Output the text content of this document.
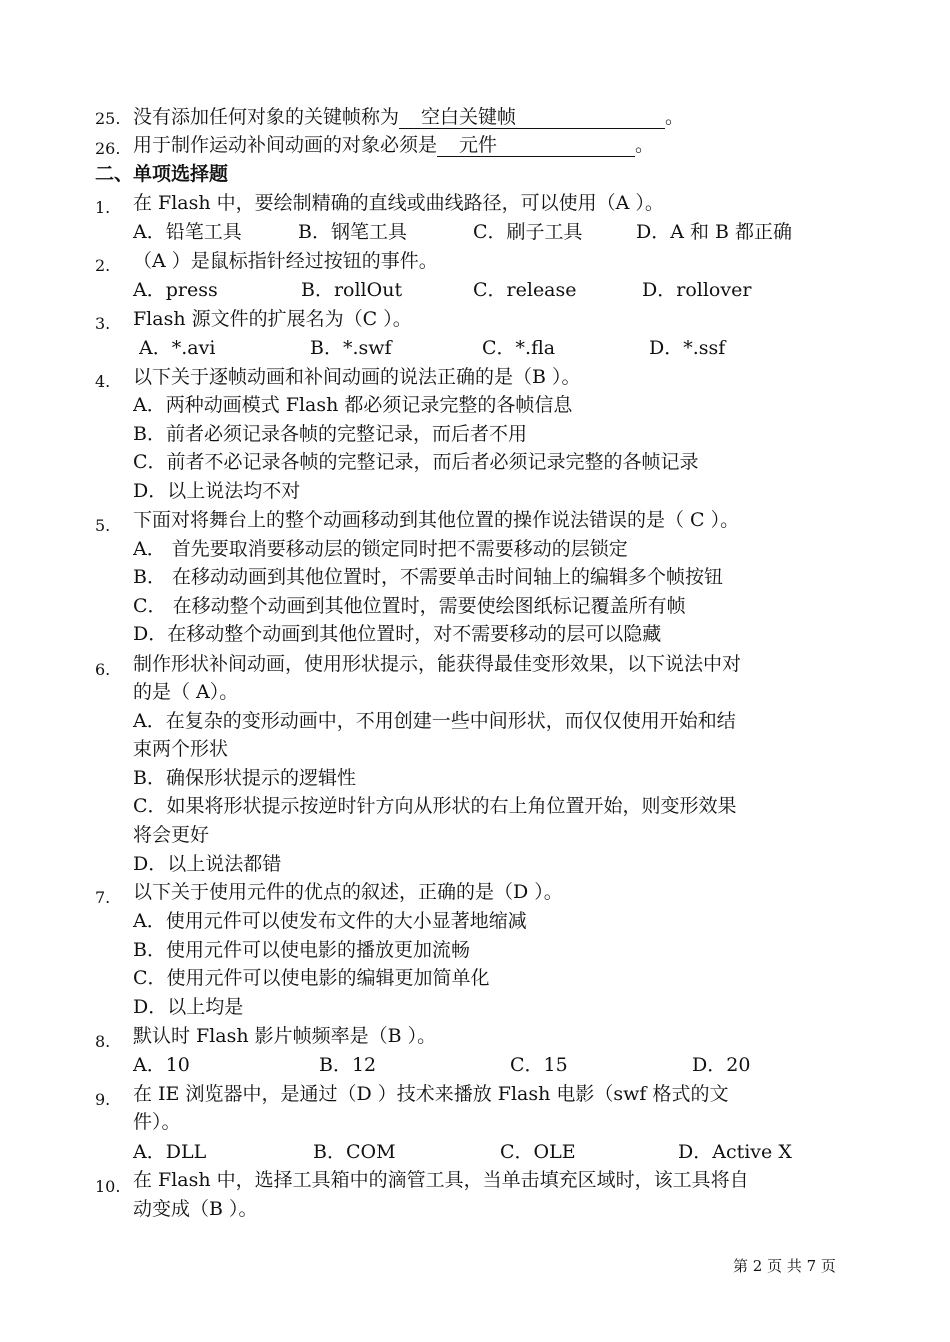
25. 没有添加任何对象的关键帧称为 空白关键帧	。
26. 用于制作运动补间动画的对象必须是 元件	。
二、单项选择题
1. 在 Flash 中，要绘制精确的直线或曲线路径，可以使用（A ）。
A．铅笔工具	B．钢笔工具	C．刷子工具	D．A 和 B 都正确
2. （A ）是鼠标指针经过按钮的事件。
A．press	B．rollOut	C．release	D．rollover
3. Flash 源文件的扩展名为（C ）。
A．*.avi	B．*.swf	C．*.fla	D．*.ssf
4. 以下关于逐帧动画和补间动画的说法正确的是（B ）。
A．两种动画模式 Flash 都必须记录完整的各帧信息
B．前者必须记录各帧的完整记录，而后者不用
C．前者不必记录各帧的完整记录，而后者必须记录完整的各帧记录
D．以上说法均不对
5. 下面对将舞台上的整个动画移动到其他位置的操作说法错误的是（ C ）。
A． 首先要取消要移动层的锁定同时把不需要移动的层锁定
B． 在移动动画到其他位置时，不需要单击时间轴上的编辑多个帧按钮
C． 在移动整个动画到其他位置时，需要使绘图纸标记覆盖所有帧
D．在移动整个动画到其他位置时，对不需要移动的层可以隐藏
6. 制作形状补间动画，使用形状提示，能获得最佳变形效果，以下说法中对
的是（ A）。
A．在复杂的变形动画中，不用创建一些中间形状，而仅仅使用开始和结
束两个形状
B．确保形状提示的逻辑性
C．如果将形状提示按逆时针方向从形状的右上角位置开始，则变形效果
将会更好
D．以上说法都错
7. 以下关于使用元件的优点的叙述，正确的是（D ）。
A．使用元件可以使发布文件的大小显著地缩减
B．使用元件可以使电影的播放更加流畅
C．使用元件可以使电影的编辑更加简单化
D．以上均是
8. 默认时 Flash 影片帧频率是（B ）。
A．10	B．12	C．15	D．20
9. 在 IE 浏览器中，是通过（D ）技术来播放 Flash 电影（swf 格式的文
件）。
A．DLL	B．COM	C．OLE	D．Active X
10. 在 Flash 中，选择工具箱中的滴管工具，当单击填充区域时，该工具将自
动变成（B ）。
第 2 页 共 7 页
